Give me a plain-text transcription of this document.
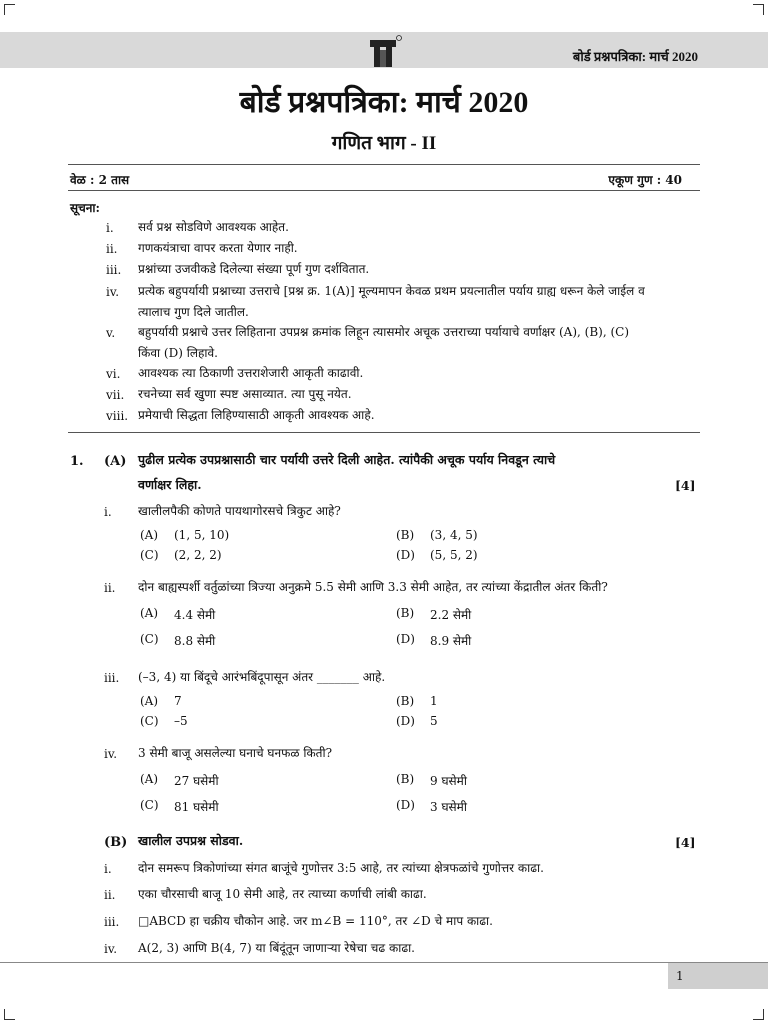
बोर्ड प्रश्नपत्रिका: मार्च 2020
बोर्ड प्रश्नपत्रिका: मार्च 2020
गणित भाग - II
वेळ : 2 तास	एकूण गुण : 40
सूचना:
i. सर्व प्रश्न सोडविणे आवश्यक आहेत.
ii. गणकयंत्राचा वापर करता येणार नाही.
iii. प्रश्नांच्या उजवीकडे दिलेल्या संख्या पूर्ण गुण दर्शवितात.
iv. प्रत्येक बहुपर्यायी प्रश्नाच्या उत्तराचे [प्रश्न क्र. 1(A)] मूल्यमापन केवळ प्रथम प्रयत्नातील पर्याय ग्राह्य धरून केले जाईल व
त्यालाच गुण दिले जातील.
v. बहुपर्यायी प्रश्नाचे उत्तर लिहिताना उपप्रश्न क्रमांक लिहून त्यासमोर अचूक उत्तराच्या पर्यायाचे वर्णाक्षर (A), (B), (C)
किंवा (D) लिहावे.
vi. आवश्यक त्या ठिकाणी उत्तराशेजारी आकृती काढावी.
vii. रचनेच्या सर्व खुणा स्पष्ट असाव्यात. त्या पुसू नयेत.
viii. प्रमेयाची सिद्धता लिहिण्यासाठी आकृती आवश्यक आहे.
1. (A) पुढील प्रत्येक उपप्रश्नासाठी चार पर्यायी उत्तरे दिली आहेत. त्यांपैकी अचूक पर्याय निवडून त्याचे
वर्णाक्षर लिहा.	[4]
i. खालीलपैकी कोणते पायथागोरसचे त्रिकुट आहे?
(A) (1, 5, 10)	(B) (3, 4, 5)
(C) (2, 2, 2)	(D) (5, 5, 2)
ii. दोन बाह्यस्पर्शी वर्तुळांच्या त्रिज्या अनुक्रमे 5.5 सेमी आणि 3.3 सेमी आहेत, तर त्यांच्या केंद्रातील अंतर किती?
(A) 4.4 सेमी	(B) 2.2 सेमी
(C) 8.8 सेमी	(D) 8.9 सेमी
iii. (–3, 4) या बिंदूचे आरंभबिंदूपासून अंतर _______ आहे.
(A) 7	(B) 1
(C) –5	(D) 5
iv. 3 सेमी बाजू असलेल्या घनाचे घनफळ किती?
(A) 27 घसेमी	(B) 9 घसेमी
(C) 81 घसेमी	(D) 3 घसेमी
(B) खालील उपप्रश्न सोडवा.	[4]
i. दोन समरूप त्रिकोणांच्या संगत बाजूंचे गुणोत्तर 3:5 आहे, तर त्यांच्या क्षेत्रफळांचे गुणोत्तर काढा.
ii. एका चौरसाची बाजू 10 सेमी आहे, तर त्याच्या कर्णाची लांबी काढा.
iii. □ABCD हा चक्रीय चौकोन आहे. जर m∠B = 110°, तर ∠D चे माप काढा.
iv. A(2, 3) आणि B(4, 7) या बिंदूंतून जाणाऱ्या रेषेचा चढ काढा.
1
